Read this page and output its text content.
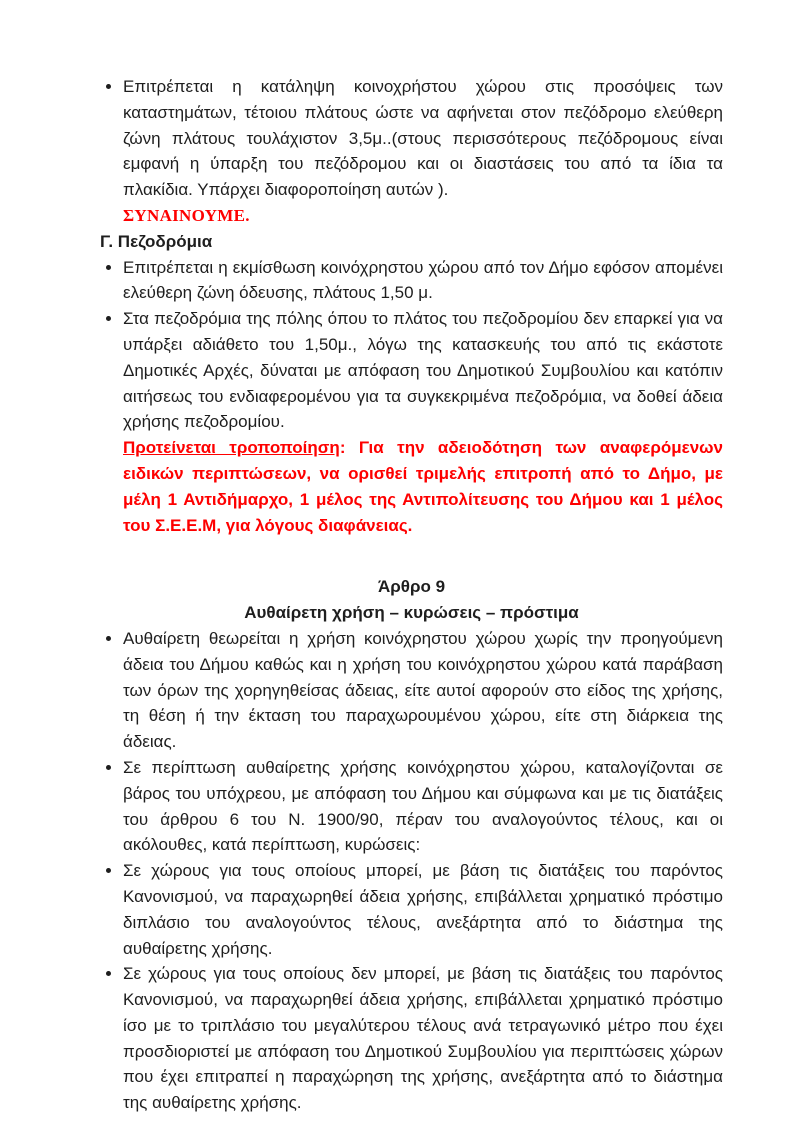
• Επιτρέπεται η κατάληψη κοινοχρήστου χώρου στις προσόψεις των καταστημάτων, τέτοιου πλάτους ώστε να αφήνεται στον πεζόδρομο ελεύθερη ζώνη πλάτους τουλάχιστον 3,5μ..(στους περισσότερους πεζόδρομους είναι εμφανή η ύπαρξη του πεζόδρομου και οι διαστάσεις του από τα ίδια τα πλακίδια. Υπάρχει διαφοροποίηση αυτών ).

ΣΥΝΑΙΝΟΥΜΕ.

Γ. Πεζοδρόμια
• Επιτρέπεται η εκμίσθωση κοινόχρηστου χώρου από τον Δήμο εφόσον απομένει ελεύθερη ζώνη όδευσης, πλάτους 1,50 μ.
• Στα πεζοδρόμια της πόλης όπου το πλάτος του πεζοδρομίου δεν επαρκεί για να υπάρξει αδιάθετο του 1,50μ., λόγω της κατασκευής του από τις εκάστοτε Δημοτικές Αρχές, δύναται με απόφαση του Δημοτικού Συμβουλίου και κατόπιν αιτήσεως του ενδιαφερομένου για τα συγκεκριμένα πεζοδρόμια, να δοθεί άδεια χρήσης πεζοδρομίου.

Προτείνεται τροποποίηση: Για την αδειοδότηση των αναφερόμενων ειδικών περιπτώσεων, να ορισθεί τριμελής επιτροπή από το Δήμο, με μέλη 1 Αντιδήμαρχο, 1 μέλος της Αντιπολίτευσης του Δήμου και 1 μέλος του Σ.Ε.Ε.Μ, για λόγους διαφάνειας.

Άρθρο 9
Αυθαίρετη χρήση – κυρώσεις – πρόστιμα
• Αυθαίρετη θεωρείται η χρήση κοινόχρηστου χώρου χωρίς την προηγούμενη άδεια του Δήμου καθώς και η χρήση του κοινόχρηστου χώρου κατά παράβαση των όρων της χορηγηθείσας άδειας, είτε αυτοί αφορούν στο είδος της χρήσης, τη θέση ή την έκταση του παραχωρουμένου χώρου, είτε στη διάρκεια της άδειας.
• Σε περίπτωση αυθαίρετης χρήσης κοινόχρηστου χώρου, καταλογίζονται σε βάρος του υπόχρεου, με απόφαση του Δήμου και σύμφωνα και με τις διατάξεις του άρθρου 6 του Ν. 1900/90, πέραν του αναλογούντος τέλους, και οι ακόλουθες, κατά περίπτωση, κυρώσεις:
• Σε χώρους για τους οποίους μπορεί, με βάση τις διατάξεις του παρόντος Κανονισμού, να παραχωρηθεί άδεια χρήσης, επιβάλλεται χρηματικό πρόστιμο διπλάσιο του αναλογούντος τέλους, ανεξάρτητα από το διάστημα της αυθαίρετης χρήσης.
• Σε χώρους για τους οποίους δεν μπορεί, με βάση τις διατάξεις του παρόντος Κανονισμού, να παραχωρηθεί άδεια χρήσης, επιβάλλεται χρηματικό πρόστιμο ίσο με το τριπλάσιο του μεγαλύτερου τέλους ανά τετραγωνικό μέτρο που έχει προσδιοριστεί με απόφαση του Δημοτικού Συμβουλίου για περιπτώσεις χώρων που έχει επιτραπεί η παραχώρηση της χρήσης, ανεξάρτητα από το διάστημα της αυθαίρετης χρήσης.
